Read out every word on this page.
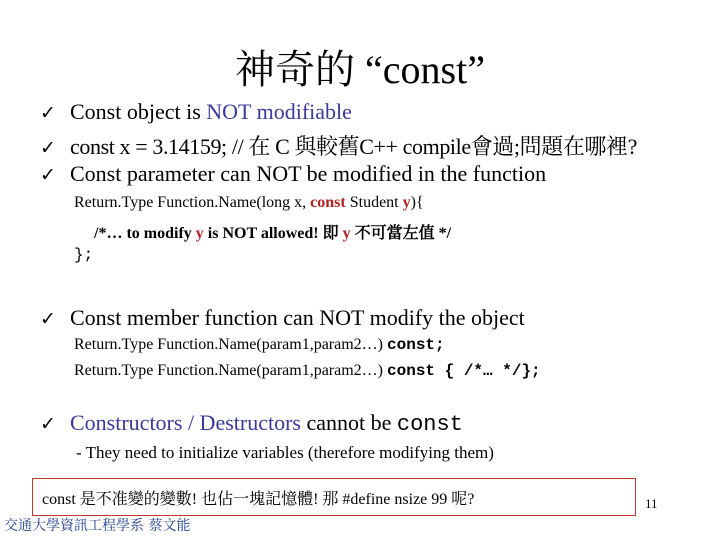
神奇的 “const”
✓ Const object is NOT modifiable
✓ const x = 3.14159; // 在 C 與較舊C++ compile會過;問題在哪裡?
✓ Const parameter can NOT be modified in the function
Return.Type Function.Name(long x, const Student y){
/*… to modify y is NOT allowed! 即 y 不可當左值 */
};
✓ Const member function can NOT modify the object
Return.Type Function.Name(param1,param2…) const;
Return.Type Function.Name(param1,param2…) const { /*… */};
✓ Constructors / Destructors cannot be const
- They need to initialize variables (therefore modifying them)
const 是不准變的變數! 也佔一塊記憶體! 那 #define nsize 99 呢?
交通大學資訊工程學系 蔡文能
11
